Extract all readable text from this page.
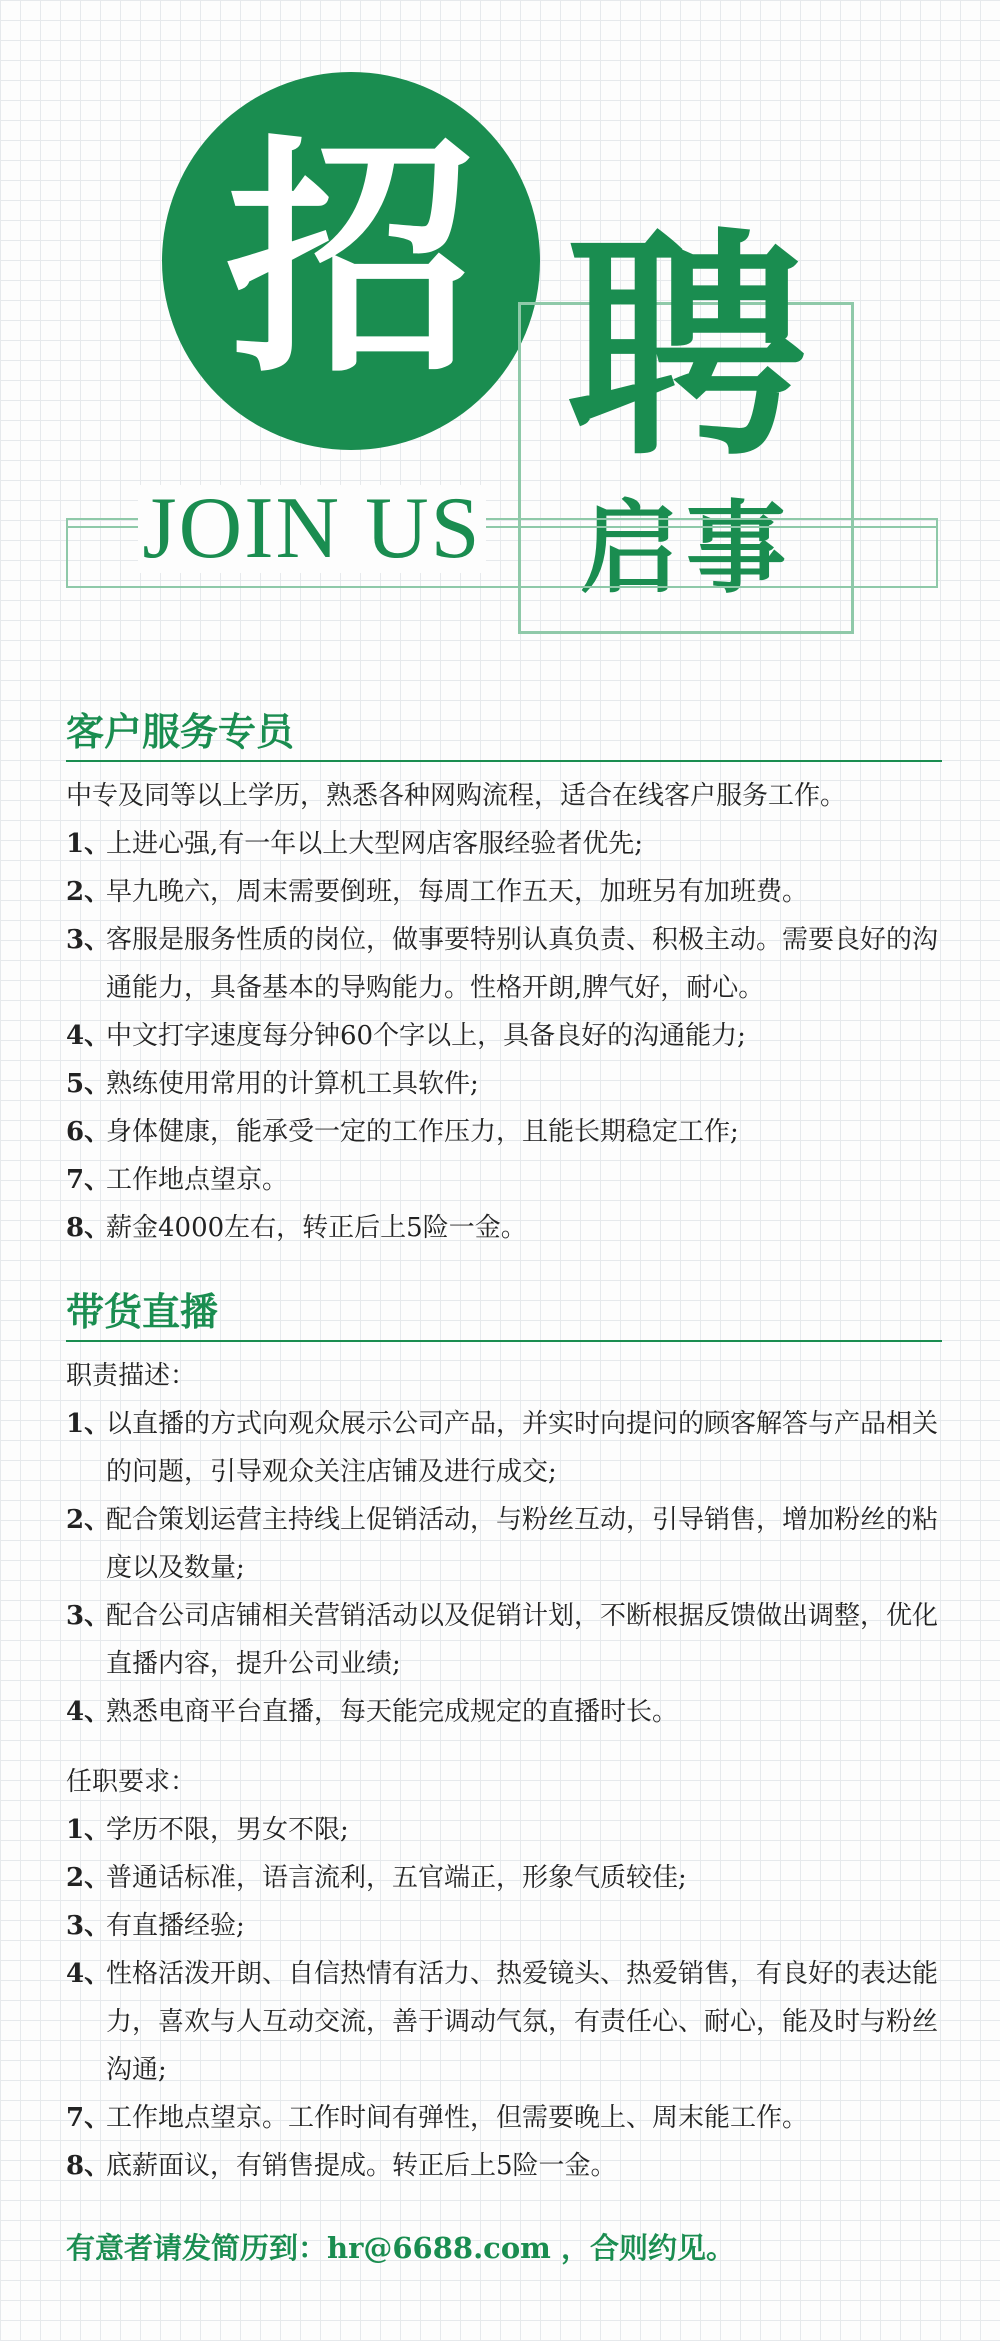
招 聘
启事
JOIN US
客户服务专员
中专及同等以上学历，熟悉各种网购流程，适合在线客户服务工作。
1、
上进心强,有一年以上大型网店客服经验者优先;
2、
早九晚六，周末需要倒班，每周工作五天，加班另有加班费。
3、
客服是服务性质的岗位，做事要特别认真负责、积极主动。需要良好的沟通能力，具备基本的导购能力。性格开朗,脾气好，耐心。
4、
中文打字速度每分钟60个字以上，具备良好的沟通能力;
5、
熟练使用常用的计算机工具软件;
6、
身体健康，能承受一定的工作压力，且能长期稳定工作;
7、
工作地点望京。
8、
薪金4000左右，转正后上5险一金。
带货直播
职责描述：
1、
以直播的方式向观众展示公司产品，并实时向提问的顾客解答与产品相关的问题，引导观众关注店铺及进行成交;
2、
配合策划运营主持线上促销活动，与粉丝互动，引导销售，增加粉丝的粘度以及数量;
3、
配合公司店铺相关营销活动以及促销计划，不断根据反馈做出调整，优化直播内容，提升公司业绩;
4、
熟悉电商平台直播，每天能完成规定的直播时长。
任职要求：
1、
学历不限，男女不限;
2、
普通话标准，语言流利，五官端正，形象气质较佳;
3、
有直播经验;
4、
性格活泼开朗、自信热情有活力、热爱镜头、热爱销售，有良好的表达能力，喜欢与人互动交流，善于调动气氛，有责任心、耐心，能及时与粉丝沟通;
7、
工作地点望京。工作时间有弹性，但需要晚上、周末能工作。
8、
底薪面议，有销售提成。转正后上5险一金。
有意者请发简历到：hr@6688.com ，合则约见。
